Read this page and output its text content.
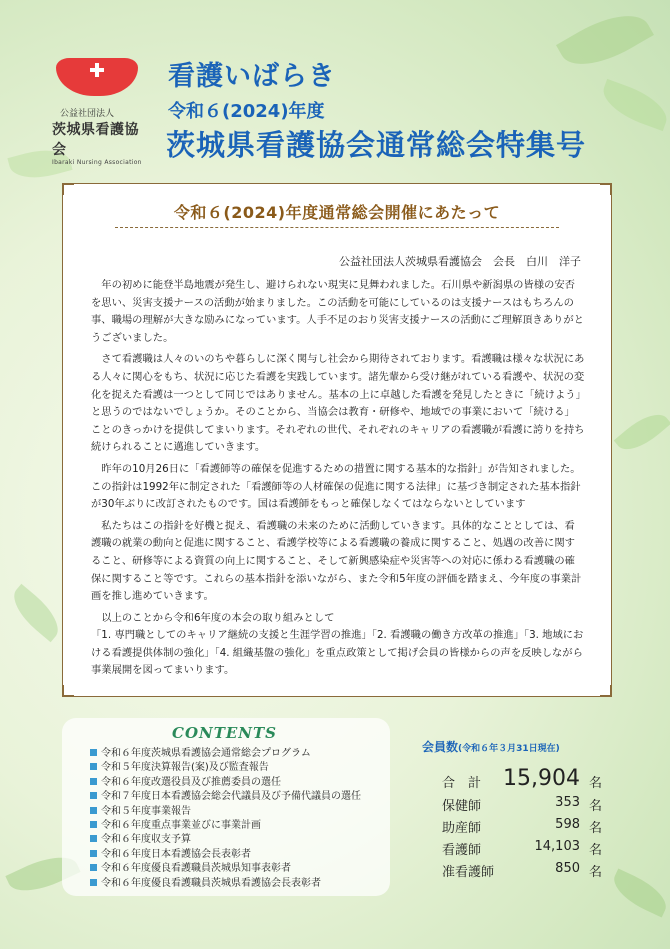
公益社団法人
茨城県看護協会
Ibaraki Nursing Association
看護いばらき
令和６(2024)年度
茨城県看護協会通常総会特集号
令和６(2024)年度通常総会開催にあたって
公益社団法人茨城県看護協会　会長　白川　洋子

年の初めに能登半島地震が発生し、避けられない現実に見舞われました。石川県や新潟県の皆様の安否を思い、災害支援ナースの活動が始まりました。この活動を可能にしているのは支援ナースはもちろんの事、職場の理解が大きな励みになっています。人手不足のおり災害支援ナースの活動にご理解頂きありがとうございました。

さて看護職は人々のいのちや暮らしに深く関与し社会から期待されております。看護職は様々な状況にある人々に関心をもち、状況に応じた看護を実践しています。諸先輩から受け継がれている看護や、状況の変化を捉えた看護は一つとして同じではありません。基本の上に卓越した看護を発見したときに「続けよう」と思うのではないでしょうか。そのことから、当協会は教育・研修や、地域での事業において「続ける」ことのきっかけを提供してまいります。それぞれの世代、それぞれのキャリアの看護職が看護に誇りを持ち続けられることに邁進していきます。

昨年の10月26日に「看護師等の確保を促進するための措置に関する基本的な指針」が告知されました。この指針は1992年に制定された「看護師等の人材確保の促進に関する法律」に基づき制定された基本指針が30年ぶりに改訂されたものです。国は看護師をもっと確保しなくてはならないとしています

私たちはこの指針を好機と捉え、看護職の未来のために活動していきます。具体的なこととしては、看護職の就業の動向と促進に関すること、看護学校等による看護職の養成に関すること、処遇の改善に関すること、研修等による資質の向上に関すること、そして新興感染症や災害等への対応に係わる看護職の確保に関すること等です。これらの基本指針を添いながら、また令和5年度の評価を踏まえ、今年度の事業計画を推し進めていきます。

以上のことから令和6年度の本会の取り組みとして

「1. 専門職としてのキャリア継続の支援と生涯学習の推進」「2. 看護職の働き方改革の推進」「3. 地域における看護提供体制の強化」「4. 組織基盤の強化」を重点政策として掲げ会員の皆様からの声を反映しながら事業展開を図ってまいります。

CONTENTS
令和６年度茨城県看護協会通常総会プログラム
令和５年度決算報告(案)及び監査報告
令和６年度改選役員及び推薦委員の選任
令和７年度日本看護協会総会代議員及び予備代議員の選任
令和５年度事業報告
令和６年度重点事業並びに事業計画
令和６年度収支予算
令和６年度日本看護協会長表彰者
令和６年度優良看護職員茨城県知事表彰者
令和６年度優良看護職員茨城県看護協会長表彰者
会員数(令和６年３月31日現在)
合　計 15,904 名
保健師	353 名
助産師	598 名
看護師	14,103 名
准看護師	850 名
